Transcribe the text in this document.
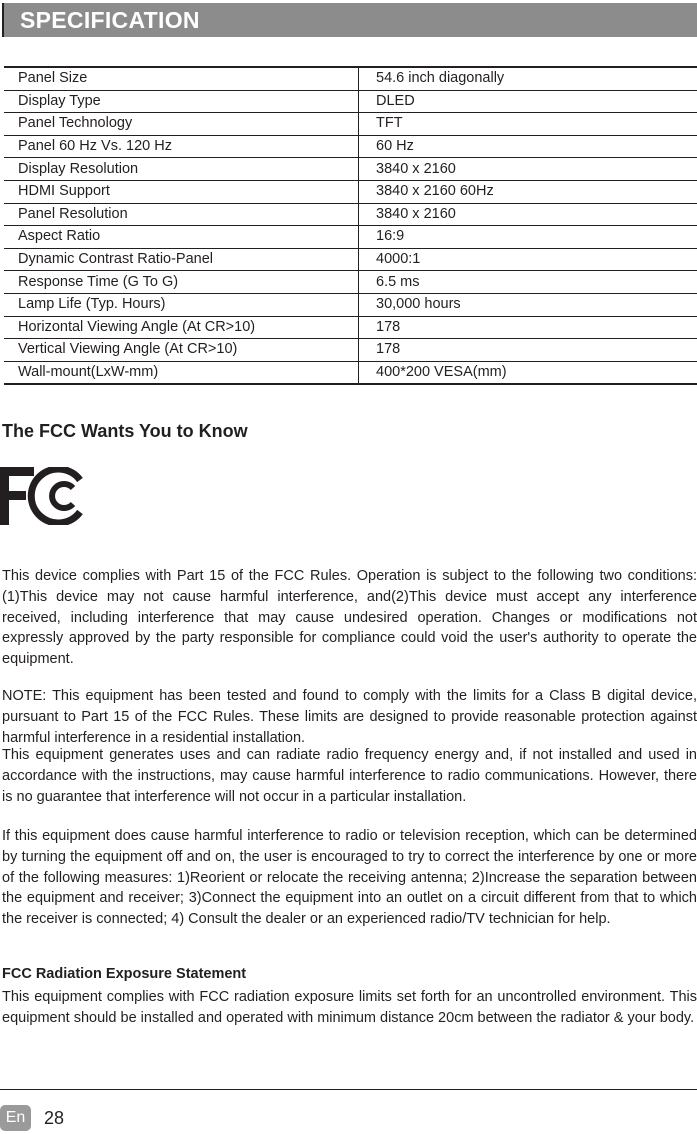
SPECIFICATION
Panel Size	54.6 inch diagonally
Display Type	DLED
Panel Technology	TFT
Panel 60 Hz Vs. 120 Hz	60 Hz
Display Resolution	3840 x 2160
HDMI Support	3840 x 2160 60Hz
Panel Resolution	3840 x 2160
Aspect Ratio	16:9
Dynamic Contrast Ratio-Panel	4000:1
Response Time (G To G)	6.5 ms
Lamp Life (Typ. Hours)	30,000 hours
Horizontal Viewing Angle (At CR>10)	178
Vertical Viewing Angle (At CR>10)	178
Wall-mount(LxW-mm)	400*200 VESA(mm)
The FCC Wants You to Know

This device complies with Part 15 of the FCC Rules. Operation is subject to the following two conditions: (1)This device may not cause harmful interference, and(2)This device must accept any interference received, including interference that may cause undesired operation. Changes or modifications not expressly approved by the party responsible for compliance could void the user's authority to operate the equipment.

NOTE: This equipment has been tested and found to comply with the limits for a Class B digital device, pursuant to Part 15 of the FCC Rules. These limits are designed to provide reasonable protection against harmful interference in a residential installation.

This equipment generates uses and can radiate radio frequency energy and, if not installed and used in accordance with the instructions, may cause harmful interference to radio communications. However, there is no guarantee that interference will not occur in a particular installation.

If this equipment does cause harmful interference to radio or television reception, which can be determined by turning the equipment off and on, the user is encouraged to try to correct the interference by one or more of the following measures: 1)Reorient or relocate the receiving antenna; 2)Increase the separation between the equipment and receiver; 3)Connect the equipment into an outlet on a circuit different from that to which the receiver is connected; 4) Consult the dealer or an experienced radio/TV technician for help.

FCC Radiation Exposure Statement

This equipment complies with FCC radiation exposure limits set forth for an uncontrolled environment. This equipment should be installed and operated with minimum distance 20cm between the radiator & your body.

En	28
